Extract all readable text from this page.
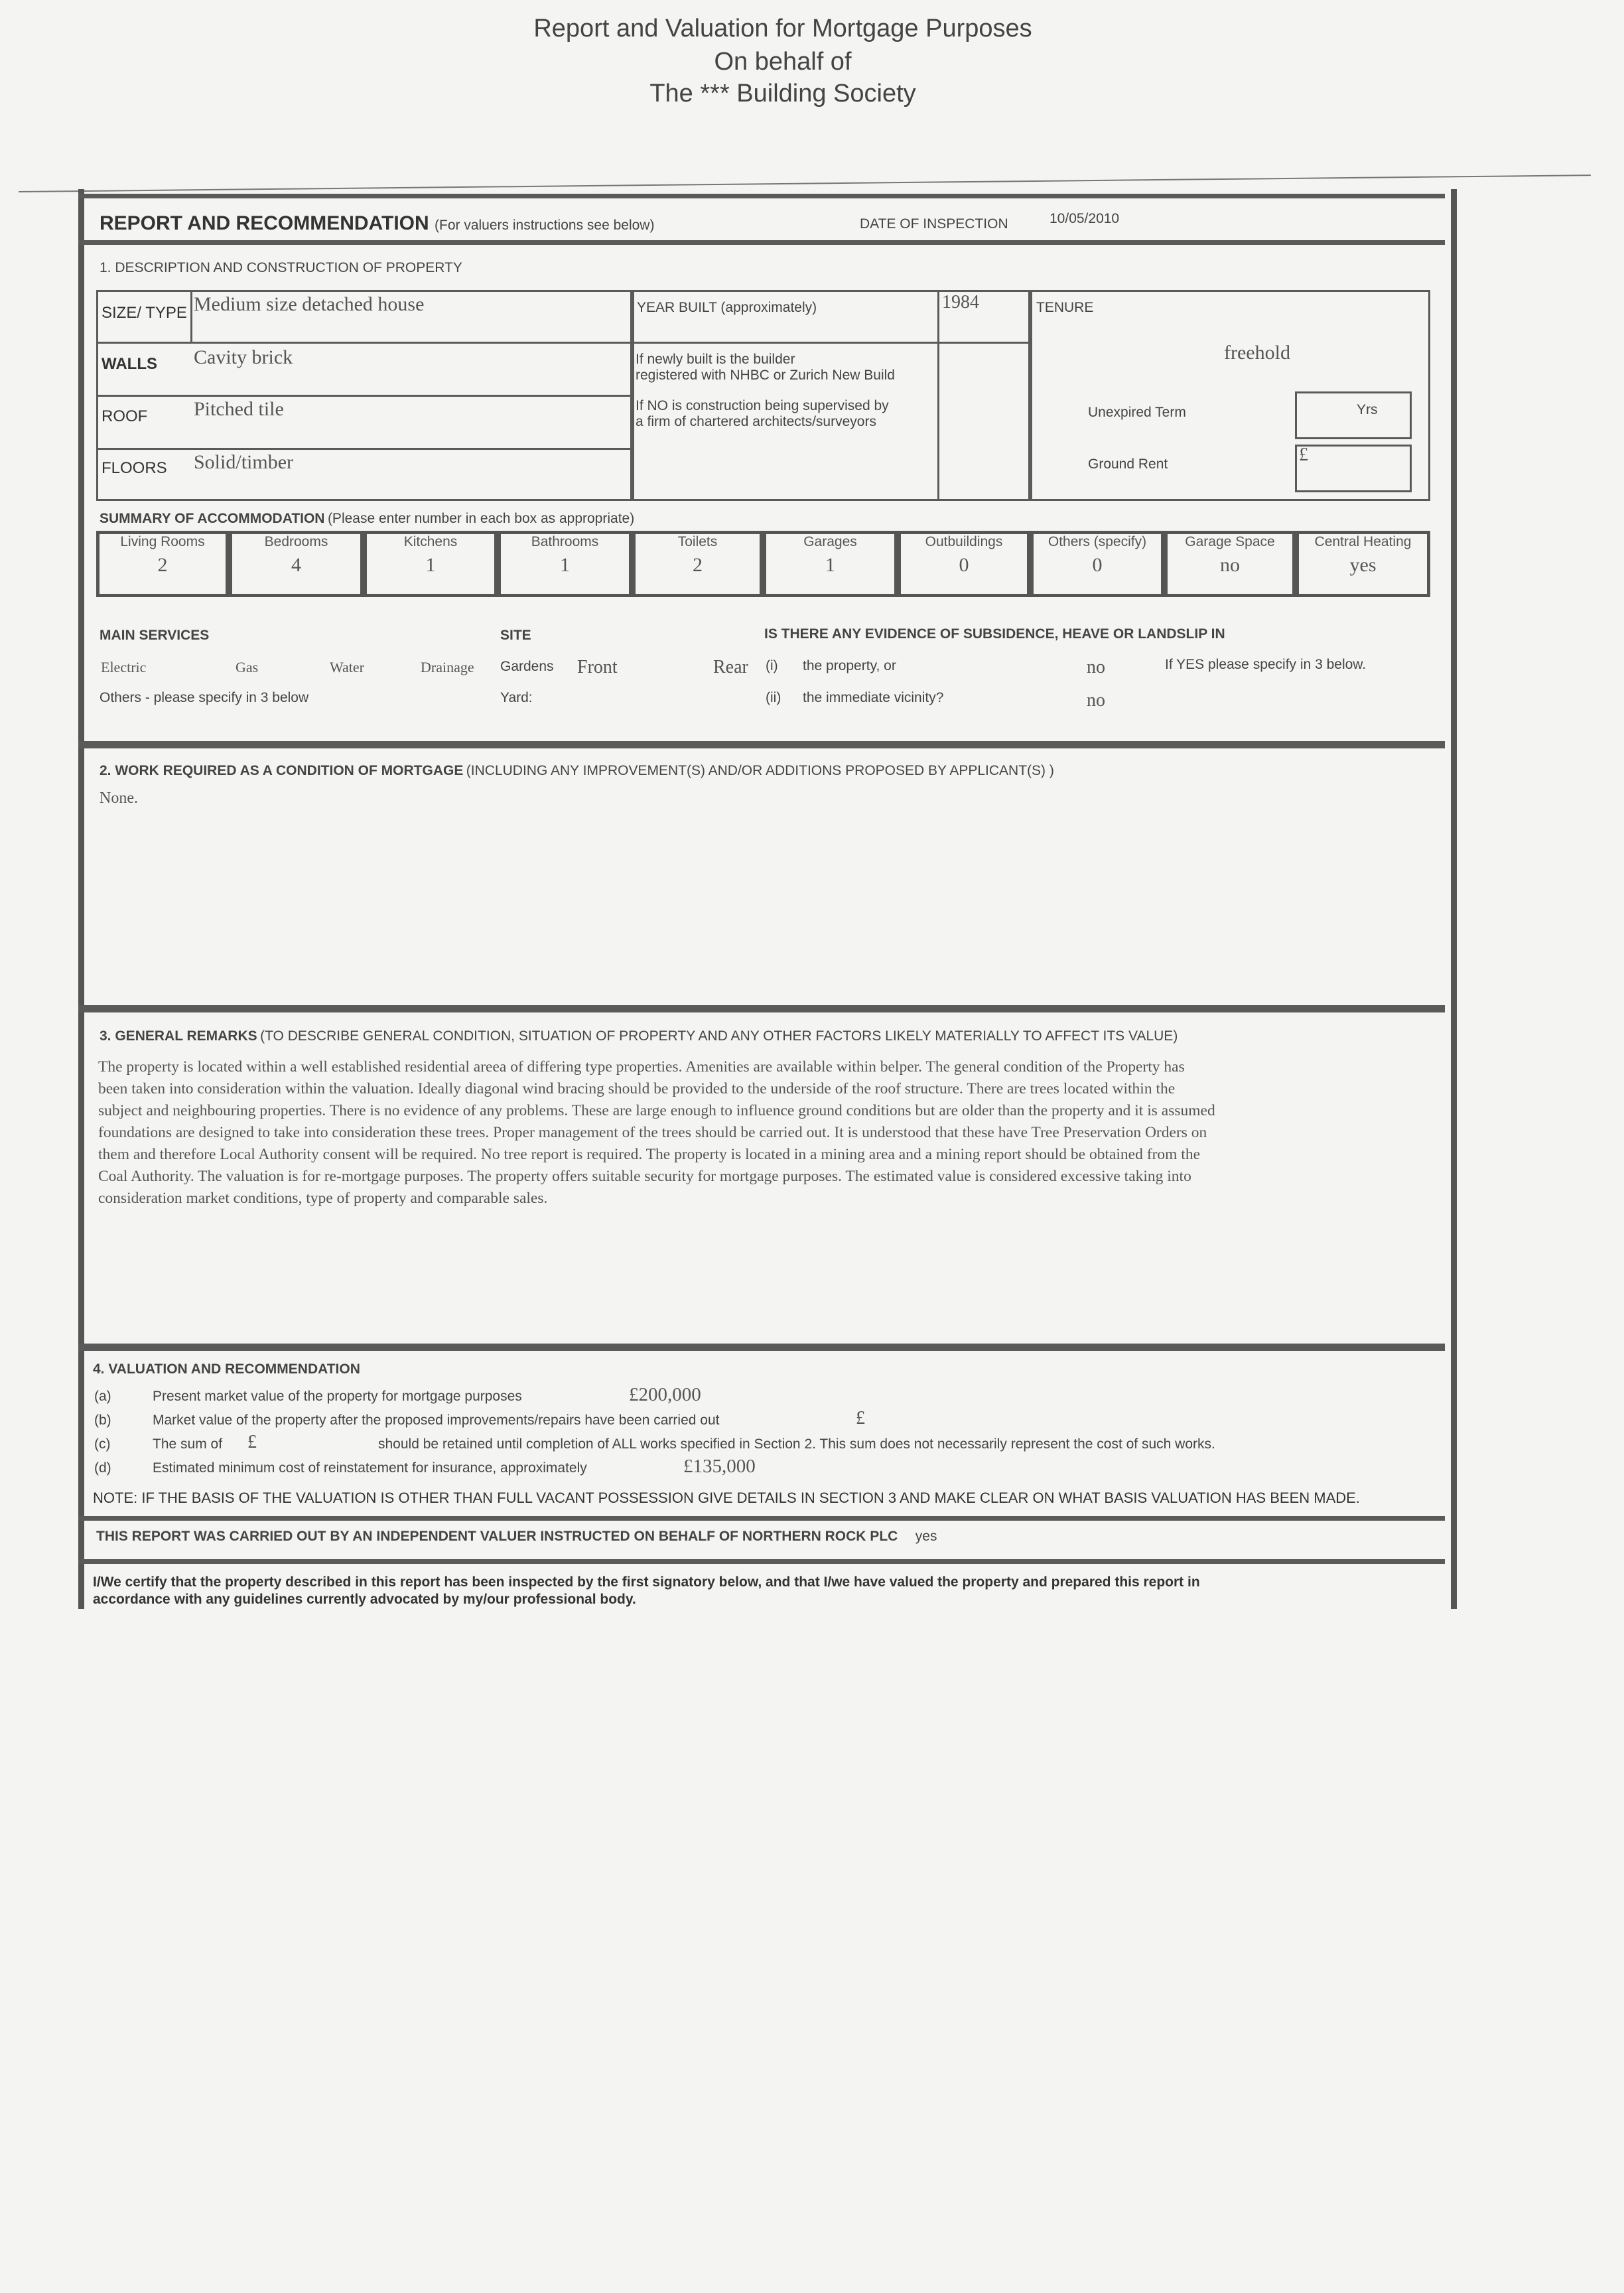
Report and Valuation for Mortgage Purposes
On behalf of
The *** Building Society
REPORT AND RECOMMENDATION (For valuers instructions see below)	DATE OF INSPECTION	10/05/2010
1. DESCRIPTION AND CONSTRUCTION OF PROPERTY
SIZE/ TYPE Medium size detached house
WALLS Cavity brick
ROOF Pitched tile
FLOORS Solid/timber
YEAR BUILT (approximately)	1984
If newly built is the builder
registered with NHBC or Zurich New Build
If NO is construction being supervised by
a firm of chartered architects/surveyors
TENURE
freehold
Unexpired Term	Yrs
Ground Rent	£
SUMMARY OF ACCOMMODATION (Please enter number in each box as appropriate)
Living Rooms
2
Bedrooms
4
Kitchens
1
Bathrooms
1
Toilets
2
Garages
1
Outbuildings
0
Others (specify)
0
Garage Space
no
Central Heating
yes
MAIN SERVICES
Electric	Gas	Water	Drainage
Others - please specify in 3 below
SITE
Gardens Front	Rear
Yard:
IS THERE ANY EVIDENCE OF SUBSIDENCE, HEAVE OR LANDSLIP IN
(i) the property, or	no	If YES please specify in 3 below.
(ii) the immediate vicinity?	no
2. WORK REQUIRED AS A CONDITION OF MORTGAGE (INCLUDING ANY IMPROVEMENT(S) AND/OR ADDITIONS PROPOSED BY APPLICANT(S) )
None.
3. GENERAL REMARKS (TO DESCRIBE GENERAL CONDITION, SITUATION OF PROPERTY AND ANY OTHER FACTORS LIKELY MATERIALLY TO AFFECT ITS VALUE)
The property is located within a well established residential areea of differing type properties. Amenities are available within belper. The general condition of the Property has
been taken into consideration within the valuation. Ideally diagonal wind bracing should be provided to the underside of the roof structure. There are trees located within the
subject and neighbouring properties. There is no evidence of any problems. These are large enough to influence ground conditions but are older than the property and it is assumed
foundations are designed to take into consideration these trees. Proper management of the trees should be carried out. It is understood that these have Tree Preservation Orders on
them and therefore Local Authority consent will be required. No tree report is required. The property is located in a mining area and a mining report should be obtained from the
Coal Authority. The valuation is for re-mortgage purposes. The property offers suitable security for mortgage purposes. The estimated value is considered excessive taking into
consideration market conditions, type of property and comparable sales.
4. VALUATION AND RECOMMENDATION
(a)	Present market value of the property for mortgage purposes	£200,000
(b)	Market value of the property after the proposed improvements/repairs have been carried out	£
(c)	The sum of £	should be retained until completion of ALL works specified in Section 2. This sum does not necessarily represent the cost of such works.
(d)	Estimated minimum cost of reinstatement for insurance, approximately	£135,000
NOTE: IF THE BASIS OF THE VALUATION IS OTHER THAN FULL VACANT POSSESSION GIVE DETAILS IN SECTION 3 AND MAKE CLEAR ON WHAT BASIS VALUATION HAS BEEN MADE.
THIS REPORT WAS CARRIED OUT BY AN INDEPENDENT VALUER INSTRUCTED ON BEHALF OF NORTHERN ROCK PLC yes
I/We certify that the property described in this report has been inspected by the first signatory below, and that I/we have valued the property and prepared this report in
accordance with any guidelines currently advocated by my/our professional body.
